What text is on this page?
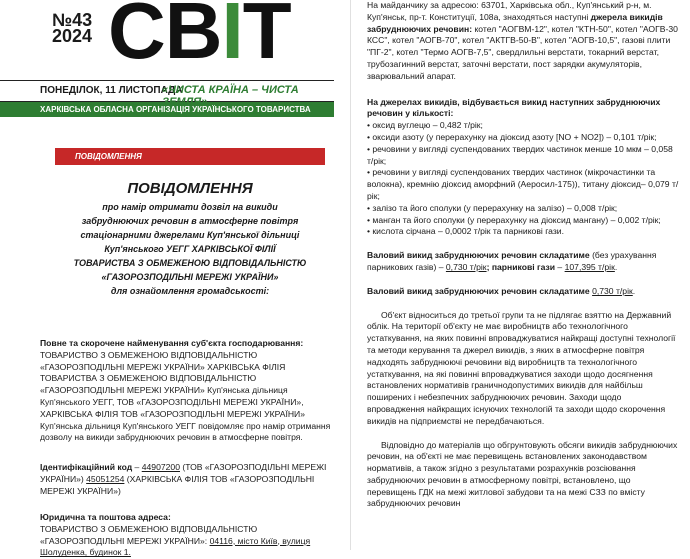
№43
2024 СВІТ
ПОНЕДІЛОК, 11 ЛИСТОПАДА
«ЧИСТА КРАЇНА – ЧИСТА
ХАРКІВСЬКА ОБЛАСНА ОРГАНІЗАЦІЯ УКРАЇНСЬКОГО ТОВАРИСТВА ОХОРОНИ ПРИРОДИ
ПОВІДОМЛЕННЯ
ПОВІДОМЛЕННЯ
про намір отримати дозвіл на викиди
забруднюючих речовин в атмосферне повітря
стаціонарними джерелами Куп'янської дільниці
Куп'янського УЕГГ ХАРКІВСЬКОЇ ФІЛІЇ
ТОВАРИСТВА З ОБМЕЖЕНОЮ ВІДПОВІДАЛЬНІСТЮ
«ГАЗОРОЗПОДІЛЬНІ МЕРЕЖІ УКРАЇНИ»
для ознайомлення громадськості:
Повне та скорочене найменування суб'єкта господарювання:
ТОВАРИСТВО З ОБМЕЖЕНОЮ ВІДПОВІДАЛЬНІСТЮ «ГАЗОРОЗПОДІЛЬНІ МЕРЕЖІ УКРАЇНИ» ХАРКІВСЬКА ФІЛІЯ ТОВАРИСТВА З ОБМЕЖЕНОЮ ВІДПОВІДАЛЬНІСТЮ «ГАЗОРОЗПОДІЛЬНІ МЕРЕЖІ УКРАЇНИ» Куп'янська дільниця Куп'янського УЕГГ, ТОВ «ГАЗОРОЗПОДІЛЬНІ МЕРЕЖІ УКРАЇНИ», ХАРКІВСЬКА ФІЛІЯ ТОВ «ГАЗОРОЗПОДІЛЬНІ МЕРЕЖІ УКРАЇНИ» Куп'янська дільниця Куп'янського УЕГГ повідомляє про намір отримання дозволу на викиди забруднюючих речовин в атмосферне повітря.
Ідентифікаційний код – 44907200 (ТОВ «ГАЗОРОЗПОДІЛЬНІ МЕРЕЖІ УКРАЇНИ») 45051254 (ХАРКІВСЬКА ФІЛІЯ ТОВ «ГАЗОРОЗПОДІЛЬНІ МЕРЕЖІ УКРАЇНИ»)
Юридична та поштова адреса:
ТОВАРИСТВО З ОБМЕЖЕНОЮ ВІДПОВІДАЛЬНІСТЮ «ГАЗОРОЗПОДІЛЬНІ МЕРЕЖІ УКРАЇНИ»: 04116, місто Київ, вулиця Шолуденка, будинок 1.

На майданчику за адресою: 63701, Харківська обл., Куп'янський р-н, м. Куп'янськ, пр-т. Конституції, 108а, знаходяться наступні джерела викидів забруднюючих речовин: котел "АОГВМ-12", котел "КТН-50", котел "АОГВ-30 КСС", котел "АОГВ-70", котел "АКТГВ-50-В", котел "АОГВ-10,5", газові плити "ПГ-2", котел "Термо АОГВ-7,5", свердлильні верстати, токарний верстат, трубозагинний верстат, заточні верстати, пост зарядки акумуляторів, зварювальний апарат.

На джерелах викидів, відбувається викид наступних забруднюючих речовин у кількості:

• оксид вуглецю – 0,482 т/рік;
• оксиди азоту (у перерахунку на діоксид азоту [NO + NO2]) – 0,101 т/рік;
• речовини у вигляді суспендованих твердих частинок менше 10 мкм – 0,058 т/рік;
• речовини у вигляді суспендованих твердих частинок (мікрочастинки та волокна), кремнію діоксид аморфний (Аеросил-175)), титану діоксид– 0,079 т/рік;
• залізо та його сполуки (у перерахунку на залізо) – 0,008 т/рік;
• манган та його сполуки (у перерахунку на діоксид мангану) – 0,002 т/рік;
• кислота сірчана – 0,0002 т/рік та парникові гази.

Валовий викид забруднюючих речовин складатиме (без урахування парникових газів) – 0,730 т/рік; парникові гази – 107,395 т/рік.

Валовий викид забруднюючих речовин складатиме 0,730 т/рік.

Об'єкт відноситься до третьої групи та не підлягає взяттю на Державний облік. На території об'єкту не має виробництв або технологічного устаткування, на яких повинні впроваджуватися найкращі доступні технології та методи керування та джерел викидів, з яких в атмосферне повітря надходять забруднюючі речовини від виробництв та технологічного устаткування, на які повинні впроваджуватися заходи щодо досягнення встановлених нормативів граничнодопустимих викидів для найбільш поширених і небезпечних забруднюючих речовин. Заходи щодо впровадження найкращих існуючих технологій та заходи щодо скорочення викидів на підприємстві не передбачаються.

Відповідно до матеріалів що обгрунтовують обсяги викидів забруднюючих речовин, на об'єкті не має перевищень встановлених законодавством нормативів, а також згідно з результатами розрахунків розсіювання забруднюючих речовин в атмосферному повітрі, встановлено, що перевищень ГДК на межі житлової забудови та на межі СЗЗ по вмісту забруднюючих речовин
